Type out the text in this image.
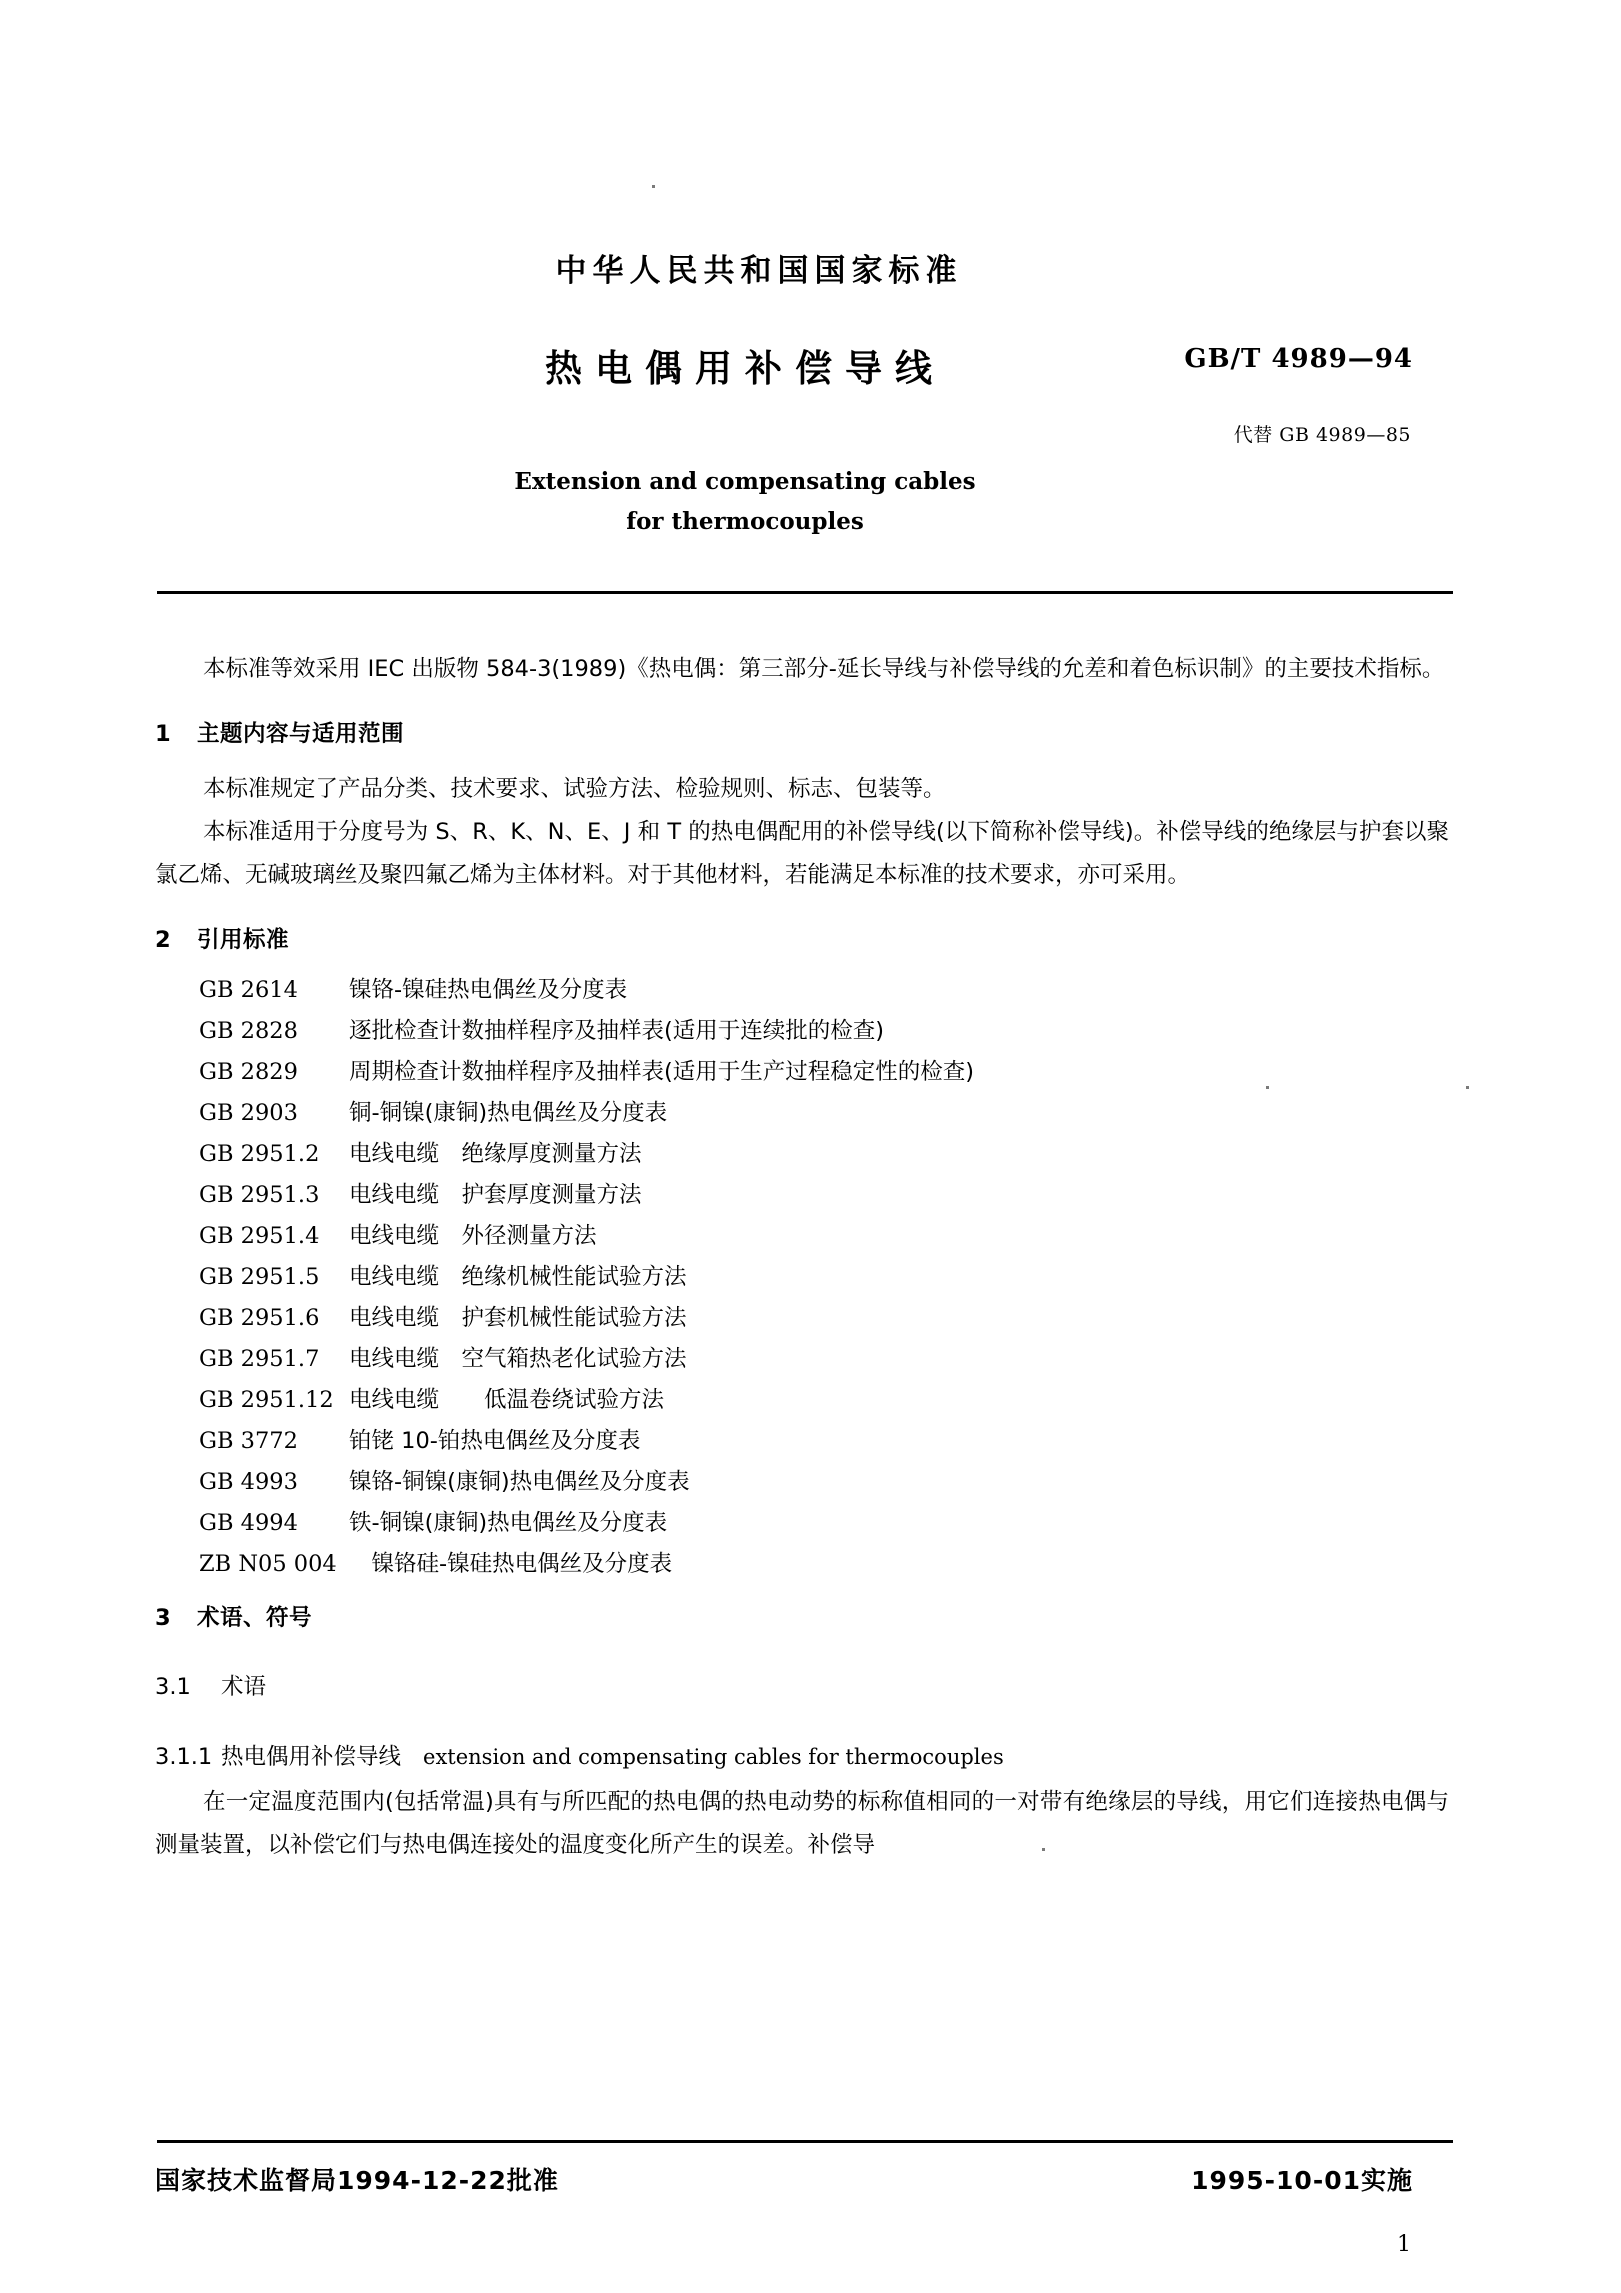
中华人民共和国国家标准
热电偶用补偿导线	GB/T 4989—94
代替 GB 4989—85
Extension and compensating cables
for thermocouples

本标准等效采用 IEC 出版物 584-3(1989)《热电偶：第三部分-延长导线与补偿导线的允差和着色标识制》的主要技术指标。

1 主题内容与适用范围

本标准规定了产品分类、技术要求、试验方法、检验规则、标志、包装等。

本标准适用于分度号为 S、R、K、N、E、J 和 T 的热电偶配用的补偿导线(以下简称补偿导线)。补偿导线的绝缘层与护套以聚氯乙烯、无碱玻璃丝及聚四氟乙烯为主体材料。对于其他材料，若能满足本标准的技术要求，亦可采用。

2 引用标准
GB 2614	镍铬-镍硅热电偶丝及分度表
GB 2828	逐批检查计数抽样程序及抽样表(适用于连续批的检查)
GB 2829	周期检查计数抽样程序及抽样表(适用于生产过程稳定性的检查)
GB 2903	铜-铜镍(康铜)热电偶丝及分度表
GB 2951.2	电线电缆　绝缘厚度测量方法
GB 2951.3	电线电缆　护套厚度测量方法
GB 2951.4	电线电缆　外径测量方法
GB 2951.5	电线电缆　绝缘机械性能试验方法
GB 2951.6	电线电缆　护套机械性能试验方法
GB 2951.7	电线电缆　空气箱热老化试验方法
GB 2951.12 电线电缆　　低温卷绕试验方法
GB 3772	铂铑 10-铂热电偶丝及分度表
GB 4993	镍铬-铜镍(康铜)热电偶丝及分度表
GB 4994	铁-铜镍(康铜)热电偶丝及分度表
ZB N05 004 　镍铬硅-镍硅热电偶丝及分度表
3 术语、符号
3.1 术语
3.1.1 热电偶用补偿导线 extension and compensating cables for thermocouples

在一定温度范围内(包括常温)具有与所匹配的热电偶的热电动势的标称值相同的一对带有绝缘层的导线，用它们连接热电偶与测量装置，以补偿它们与热电偶连接处的温度变化所产生的误差。补偿导

国家技术监督局1994-12-22批准	1995-10-01实施
1
